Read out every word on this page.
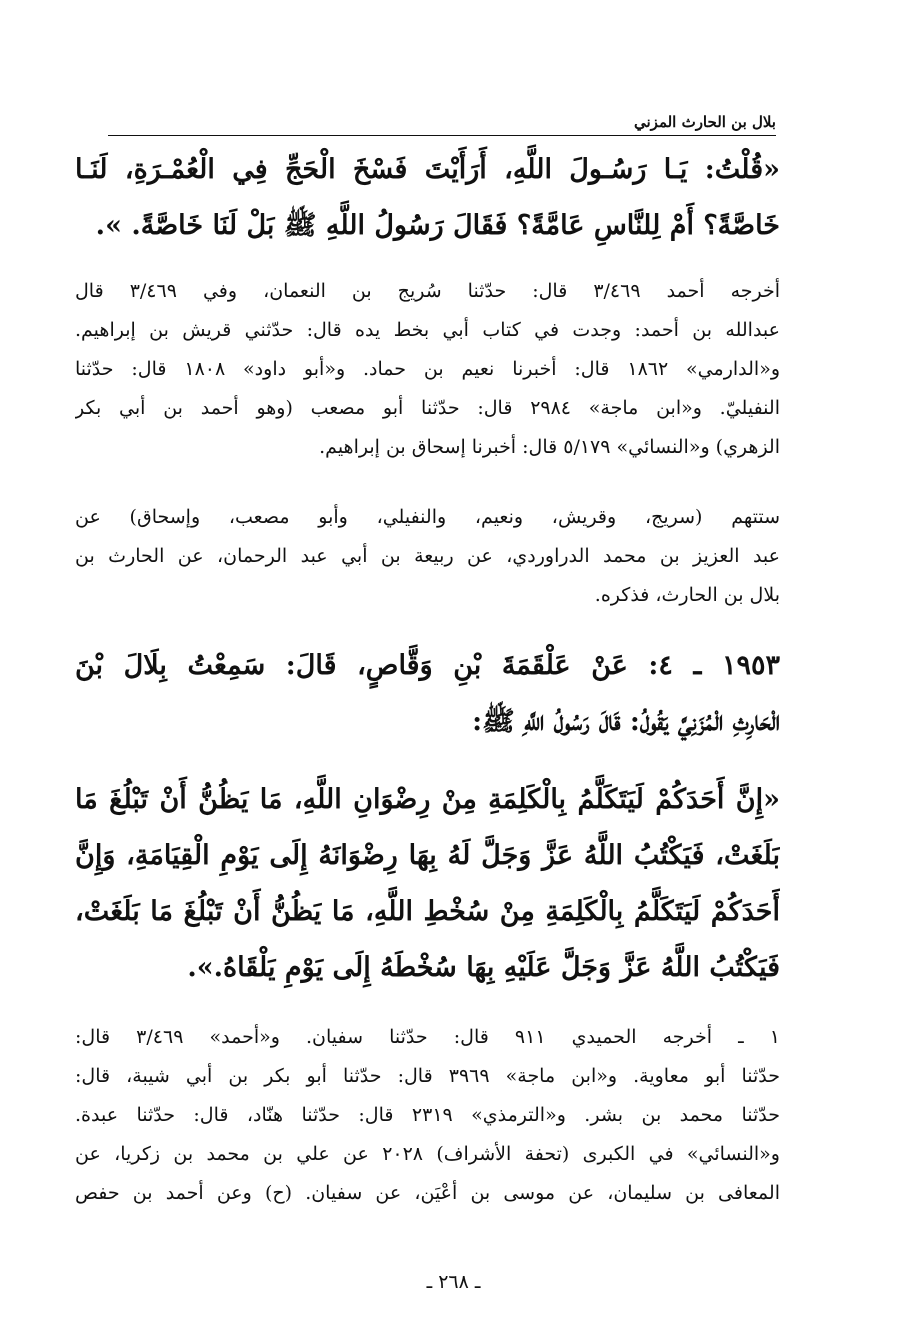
بلال بن الحارث المزني
«قُلْتُ: يَـا رَسُـولَ اللَّهِ، أَرَأَيْتَ فَسْخَ الْحَجِّ فِي الْعُمْـرَةِ، لَنَـا
خَاصَّةً؟ أَمْ لِلنَّاسِ عَامَّةً؟ فَقَالَ رَسُولُ اللَّهِ ﷺ بَلْ لَنَا خَاصَّةً. ».
أخرجه أحمد ٣/٤٦٩ قال: حدّثنا سُريج بن النعمان، وفي ٣/٤٦٩ قال
عبدالله بن أحمد: وجدت في كتاب أبي بخط يده قال: حدّثني قريش بن إبراهيم.
و«الدارمي» ١٨٦٢ قال: أخبرنا نعيم بن حماد. و«أبو داود» ١٨٠٨ قال: حدّثنا
النفيليّ. و«ابن ماجة» ٢٩٨٤ قال: حدّثنا أبو مصعب (وهو أحمد بن أبي بكر
الزهري) و«النسائي» ٥/١٧٩ قال: أخبرنا إسحاق بن إبراهيم.
ستتهم (سريج، وقريش، ونعيم، والنفيلي، وأبو مصعب، وإسحاق) عن
عبد العزيز بن محمد الدراوردي، عن ربيعة بن أبي عبد الرحمان، عن الحارث بن
بلال بن الحارث، فذكره.
١٩٥٣ ـ ٤: عَنْ عَلْقَمَةَ بْنِ وَقَّاصٍ، قَالَ: سَمِعْتُ بِلَالَ بْنَ
الْحَارِثِ الْمُزَنِيَّ يَقُولُ: قَالَ رَسُولُ اللَّهِ ﷺ:
«إِنَّ أَحَدَكُمْ لَيَتَكَلَّمُ بِالْكَلِمَةِ مِنْ رِضْوَانِ اللَّهِ، مَا يَظُنُّ أَنْ تَبْلُغَ مَا
بَلَغَتْ، فَيَكْتُبُ اللَّهُ عَزَّ وَجَلَّ لَهُ بِهَا رِضْوَانَهُ إِلَى يَوْمِ الْقِيَامَةِ، وَإِنَّ
أَحَدَكُمْ لَيَتَكَلَّمُ بِالْكَلِمَةِ مِنْ سُخْطِ اللَّهِ، مَا يَظُنُّ أَنْ تَبْلُغَ مَا بَلَغَتْ،
فَيَكْتُبُ اللَّهُ عَزَّ وَجَلَّ عَلَيْهِ بِهَا سُخْطَهُ إِلَى يَوْمِ يَلْقَاهُ.».
١ ـ أخرجه الحميدي ٩١١ قال: حدّثنا سفيان. و«أحمد» ٣/٤٦٩ قال:
حدّثنا أبو معاوية. و«ابن ماجة» ٣٩٦٩ قال: حدّثنا أبو بكر بن أبي شيبة، قال:
حدّثنا محمد بن بشر. و«الترمذي» ٢٣١٩ قال: حدّثنا هنّاد، قال: حدّثنا عبدة.
و«النسائي» في الكبرى (تحفة الأشراف) ٢٠٢٨ عن علي بن محمد بن زكريا، عن
المعافى بن سليمان، عن موسى بن أعْيَن، عن سفيان. (ح) وعن أحمد بن حفص
ـ ٢٦٨ ـ
